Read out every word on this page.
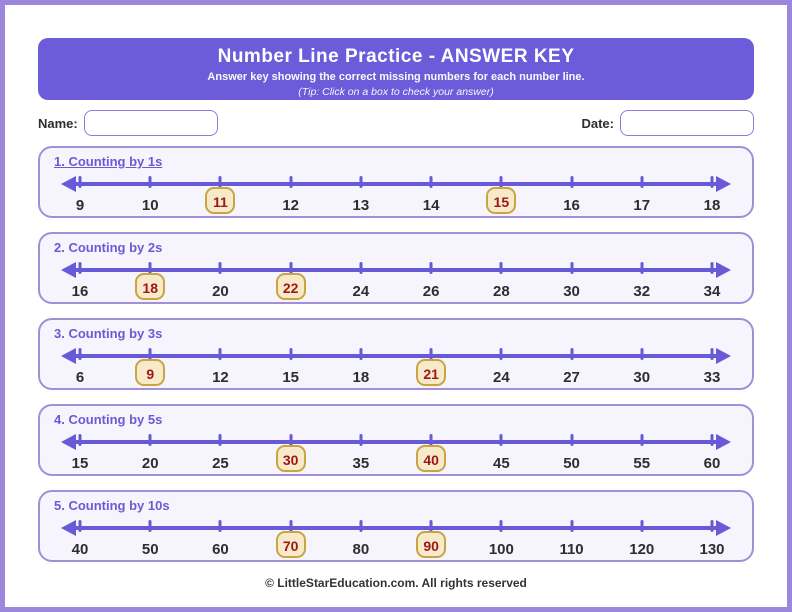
Number Line Practice - ANSWER KEY
Answer key showing the correct missing numbers for each number line.
(Tip: Click on a box to check your answer)
Name:	Date:
1. Counting by 1s
9	10	11	12	13	14	15	16	17	18
2. Counting by 2s
16	18	20	22	24	26	28	30	32	34
3. Counting by 3s
6	9	12	15	18	21	24	27	30	33
4. Counting by 5s
15	20	25	30	35	40	45	50	55	60
5. Counting by 10s
40	50	60	70	80	90	100	110	120	130
© LittleStarEducation.com. All rights reserved
